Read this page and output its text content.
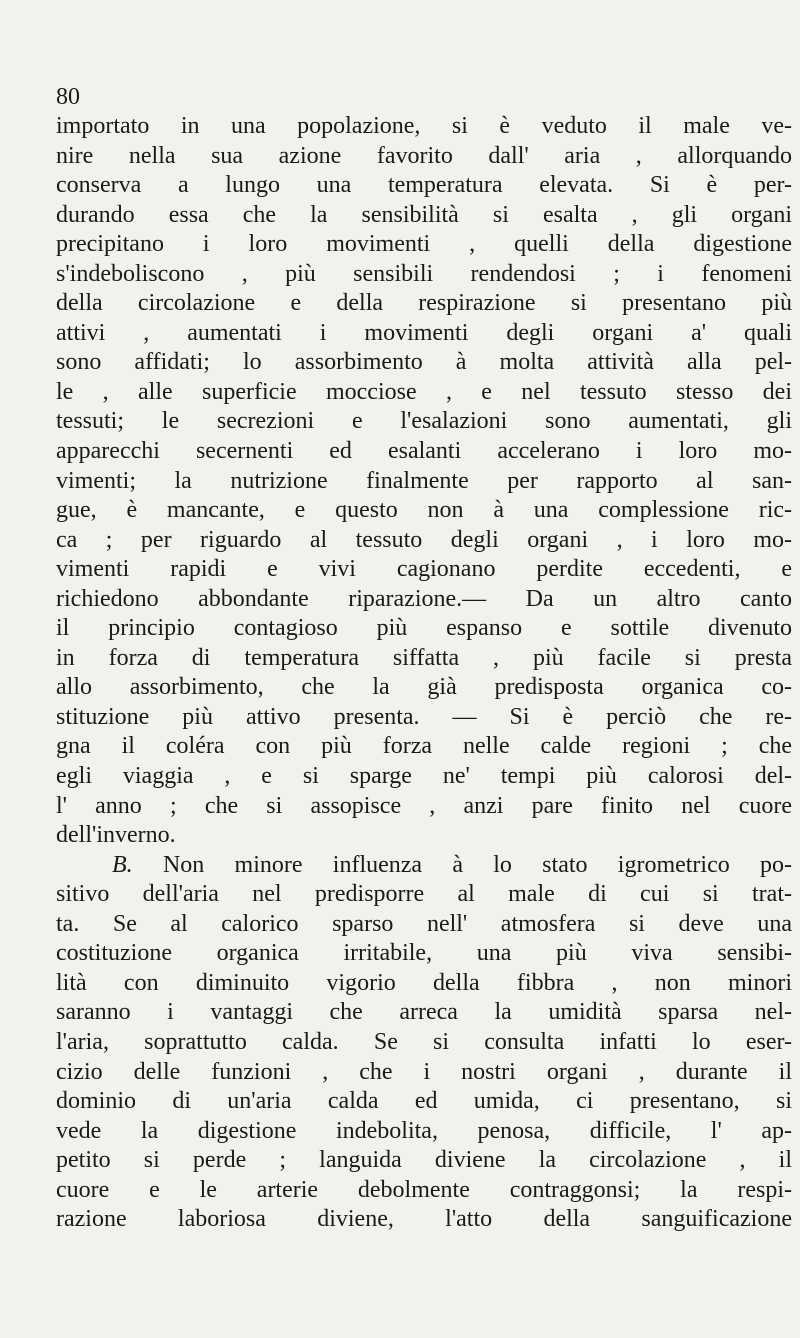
80
importato in una popolazione, si è veduto il male ve-
nire nella sua azione favorito dall' aria , allorquando
conserva a lungo una temperatura elevata. Si è per-
durando essa che la sensibilità si esalta , gli organi
precipitano i loro movimenti , quelli della digestione
s'indeboliscono , più sensibili rendendosi ; i fenomeni
della circolazione e della respirazione si presentano più
attivi , aumentati i movimenti degli organi a' quali
sono affidati; lo assorbimento à molta attività alla pel-
le , alle superficie mocciose , e nel tessuto stesso dei
tessuti; le secrezioni e l'esalazioni sono aumentati, gli
apparecchi secernenti ed esalanti accelerano i loro mo-
vimenti; la nutrizione finalmente per rapporto al san-
gue, è mancante, e questo non à una complessione ric-
ca ; per riguardo al tessuto degli organi , i loro mo-
vimenti rapidi e vivi cagionano perdite eccedenti, e
richiedono abbondante riparazione.— Da un altro canto
il principio contagioso più espanso e sottile divenuto
in forza di temperatura siffatta , più facile si presta
allo assorbimento, che la già predisposta organica co-
stituzione più attivo presenta. — Si è perciò che re-
gna il coléra con più forza nelle calde regioni ; che
egli viaggia , e si sparge ne' tempi più calorosi del-
l' anno ; che si assopisce , anzi pare finito nel cuore
dell'inverno.
B. Non minore influenza à lo stato igrometrico po-
sitivo dell'aria nel predisporre al male di cui si trat-
ta. Se al calorico sparso nell' atmosfera si deve una
costituzione organica irritabile, una più viva sensibi-
lità con diminuito vigorio della fibbra , non minori
saranno i vantaggi che arreca la umidità sparsa nel-
l'aria, soprattutto calda. Se si consulta infatti lo eser-
cizio delle funzioni , che i nostri organi , durante il
dominio di un'aria calda ed umida, ci presentano, si
vede la digestione indebolita, penosa, difficile, l' ap-
petito si perde ; languida diviene la circolazione , il
cuore e le arterie debolmente contraggonsi; la respi-
razione laboriosa diviene, l'atto della sanguificazione
